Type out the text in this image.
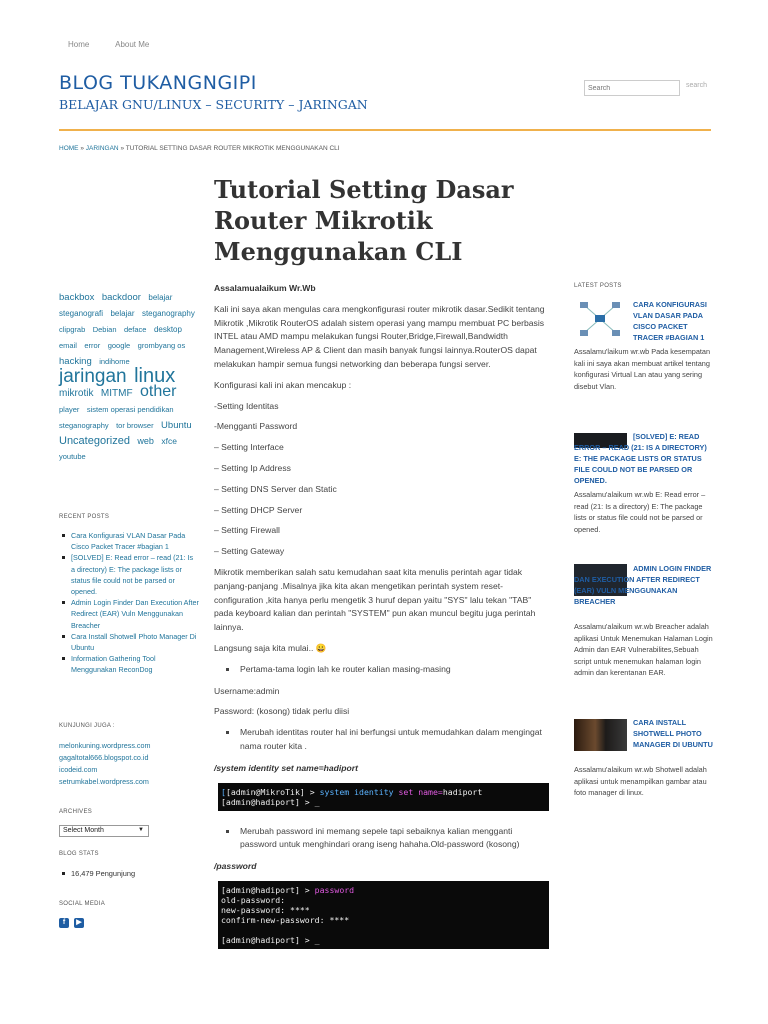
Home	About Me
BLOG TUKANGNGIPI
BELAJAR GNU/LINUX – SECURITY – JARINGAN
Search
search
HOME » JARINGAN » TUTORIAL SETTING DASAR ROUTER MIKROTIK MENGGUNAKAN CLI
Tutorial Setting Dasar Router Mikrotik Menggunakan CLI

Assalamualaikum Wr.Wb

Kali ini saya akan mengulas cara mengkonfigurasi router mikrotik dasar.Sedikit tentang Mikrotik ,Mikrotik RouterOS adalah sistem operasi yang mampu membuat PC berbasis INTEL atau AMD mampu melakukan fungsi Router,Bridge,Firewall,Bandwidth Management,Wireless AP & Client dan masih banyak fungsi lainnya.RouterOS dapat melakukan hampir semua fungsi networking dan beberapa fungsi server.

Konfigurasi kali ini akan mencakup :

-Setting Identitas

-Mengganti Password

– Setting Interface

– Setting Ip Address

– Setting DNS Server dan Static

– Setting DHCP Server

– Setting Firewall

– Setting Gateway

Mikrotik memberikan salah satu kemudahan saat kita menulis perintah agar tidak panjang-panjang .Misalnya jika kita akan mengetikan perintah system reset-configuration ,kita hanya perlu mengetik 3 huruf depan yaitu "SYS" lalu tekan "TAB" pada keyboard kalian dan perintah "SYSTEM" pun akan muncul begitu juga perintah lainnya.

Langsung saja kita mulai.. 😀

▪ Pertama-tama login lah ke router kalian masing-masing

Username:admin

Password: (kosong) tidak perlu diisi

▪ Merubah identitas router hal ini berfungsi untuk memudahkan dalam mengingat nama router kita .

/system identity set name=hadiport

[[admin@MikroTik] > system identity set name=hadiport
[admin@hadiport] > _
▪ Merubah password ini memang sepele tapi sebaiknya kalian mengganti password untuk menghindari orang iseng hahaha.Old-password (kosong)

/password

[admin@hadiport] > password
old-password:
new-password: ****
confirm-new-password: ****

[admin@hadiport] > _
backbox backdoor belajar steganografi belajar steganography clipgrab Debian deface desktop email error google grombyang os hacking indihome jaringan linux mikrotik MITMF other player sistem operasi pendidikan steganography tor browser Ubuntu Uncategorized web xfce youtube
RECENT POSTS
Cara Konfigurasi VLAN Dasar Pada Cisco Packet Tracer #bagian 1
[SOLVED] E: Read error – read (21: Is a directory) E: The package lists or status file could not be parsed or opened.
Admin Login Finder Dan Execution After Redirect (EAR) Vuln Menggunakan Breacher
Cara Install Shotwell Photo Manager Di Ubuntu
Information Gathering Tool Menggunakan ReconDog
KUNJUNGI JUGA :
melonkuning.wordpress.com
gagaltotal666.blogspot.co.id
icodeid.com
setrumkabel.wordpress.com
ARCHIVES
Select Month	▼
BLOG STATS
16,479 Pengunjung
SOCIAL MEDIA
f	▶
LATEST POSTS
CARA KONFIGURASI VLAN DASAR PADA CISCO PACKET TRACER #BAGIAN 1
Assalamu'laikum wr.wb Pada kesempatan kali ini saya akan membuat artikel tentang konfigurasi Virtual Lan atau yang sering disebut Vlan.
[SOLVED] E: READ ERROR – READ (21: IS A DIRECTORY) E: THE PACKAGE LISTS OR STATUS FILE COULD NOT BE PARSED OR OPENED.
Assalamu'alaikum wr.wb E: Read error – read (21: Is a directory) E: The package lists or status file could not be parsed or opened.
ADMIN LOGIN FINDER DAN EXECUTION AFTER REDIRECT (EAR) VULN MENGGUNAKAN BREACHER
Assalamu'alaikum wr.wb Breacher adalah aplikasi Untuk Menemukan Halaman Login Admin dan EAR Vulnerabilites,Sebuah script untuk menemukan halaman login admin dan kerentanan EAR.
CARA INSTALL SHOTWELL PHOTO MANAGER DI UBUNTU
Assalamu'alaikum wr.wb Shotwell adalah aplikasi untuk menampilkan gambar atau foto manager di linux.
